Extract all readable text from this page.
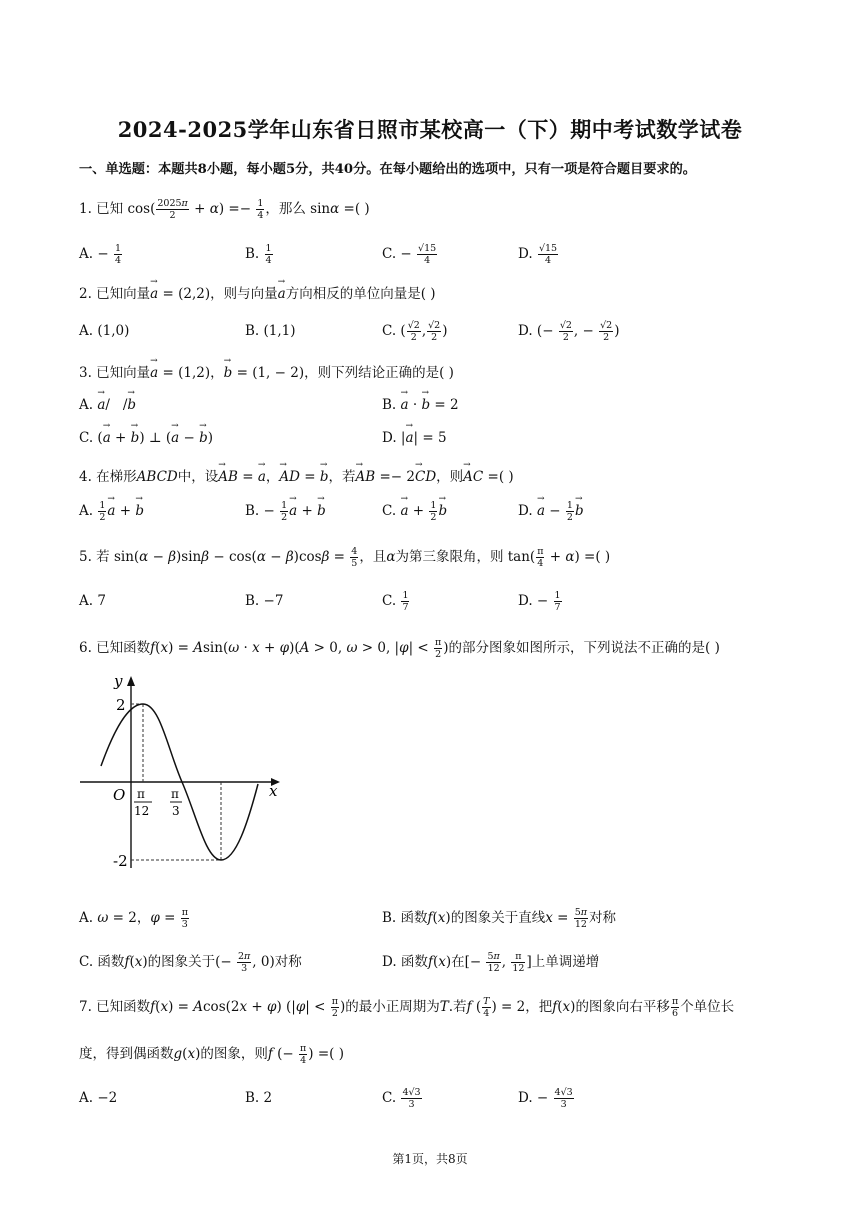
2024-2025学年山东省日照市某校高一（下）期中考试数学试卷
一、单选题：本题共8小题，每小题5分，共40分。在每小题给出的选项中，只有一项是符合题目要求的。
1. 已知 $\cos( \frac{2025\pi}{2} + \alpha) =- \frac{1}{4}$ ，那么 sinα =( )
A. − $\frac{1}{4}$	B. $\frac{1}{4}$	C. − $\frac{√15}{4}$	D. $\frac{√15}{4}$
2. 已知向量→ a = (2,2)，则与向量→ a方向相反的单位向量是( )
A. (1,0)	B. (1,1)	C. ( $\frac{√2}{2}$ , $\frac{√2}{2}$ )	D. (− $\frac{√2}{2}$ , − $\frac{√2}{2}$ )
3. 已知向量→ a = (1,2)，→ b = (1, − 2)，则下列结论正确的是( )
A. → a/   /→ b	B. → a · → b = 2
C. (→ a + → b) ⊥ (→ a − → b)	D. |→ a| = 5
4. 在梯形ABCD中，设→ AB = → a，→ AD = → b，若→ AB =− 2→ CD，则→ AC =( )
A. $\frac{1}{2}$
→ a + → b	B. − $\frac{1}{2}$
→ a + → b	C. → $a + \frac{1}{2}$
→ b	D. → $a - \frac{1}{2}$
→ b
5. 若 $\sin(\alpha - \beta)\sin\beta - \cos(\alpha - \beta)\cos\beta = \frac{4}{5}$ ，且α为第三象限角，则 $\tan( \frac{\pi}{4} + \alpha)$ =( )
A. 7	B. −7	C. $\frac{1}{7}$	D. − $\frac{1}{7}$
6. 已知函数f(x) = Asin(ω · x + φ)(A > 0, ω > 0, $|\varphi| < \frac{\pi}{2}$ )的部分图象如图所示，下列说法不正确的是( )
y
x
O
2
-2
π
12
π
3
A. ω = 2，$\varphi = \frac{\pi}{3}$	B. 函数f(x)的图象关于直线$x = \frac{5\pi}{12}$ 对称
C. 函数f(x)的图象关于(− $\frac{2\pi}{3}$ , 0)对称	D. 函数f(x)在[− $\frac{5\pi}{12}$ , $\frac{\pi}{12}$ ]上单调递增
7. 已知函数f(x) = Acos(2x + φ) ($|\varphi| < \frac{\pi}{2}$ )的最小正周期为T.若f ( $\frac{T}{4}$ ) = 2，把f(x)的图象向右平移 $\frac{\pi}{6}$ 个单位长
度，得到偶函数g(x)的图象，则f (− $\frac{\pi}{4}$ ) =( )
A. −2	B. 2	C. $\frac{4√3}{3}$	D. − $\frac{4√3}{3}$
第1页，共8页
